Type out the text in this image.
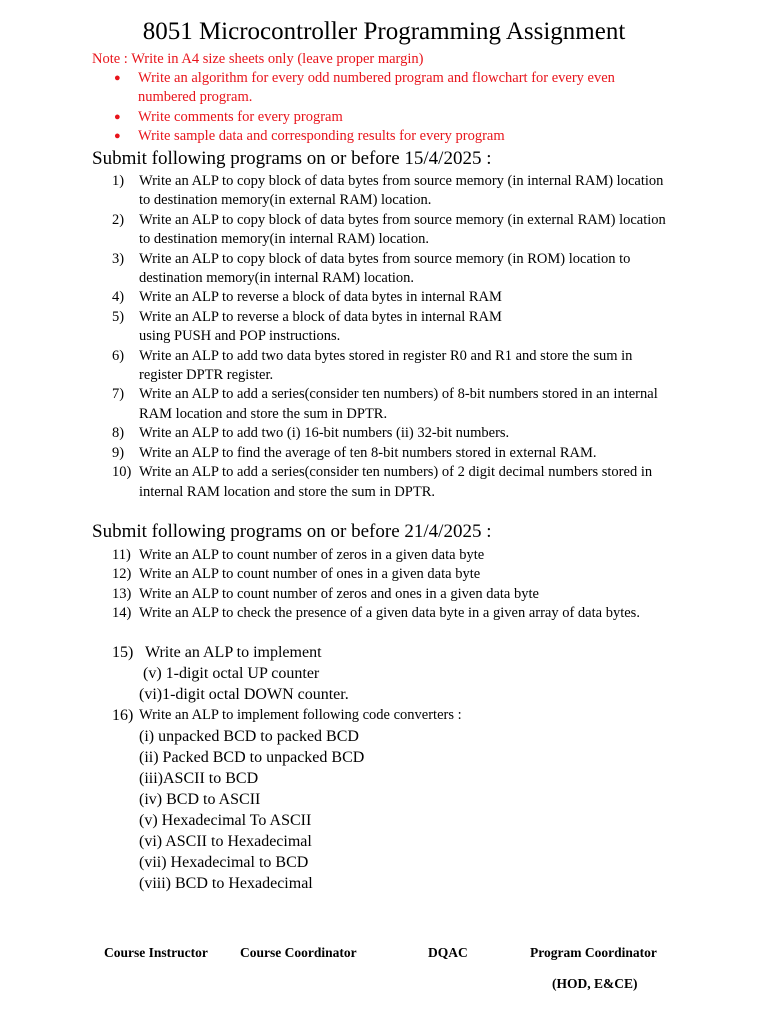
8051 Microcontroller Programming Assignment
Note : Write in A4 size sheets only (leave proper margin)
● Write an algorithm for every odd numbered program and flowchart for every even numbered program.
● Write comments for every program
● Write sample data and corresponding results for every program
Submit following programs on or before 15/4/2025 :
1) Write an ALP to copy block of data bytes from source memory (in internal RAM) location to destination memory(in external RAM) location.
2) Write an ALP to copy block of data bytes from source memory (in external RAM) location to destination memory(in internal RAM) location.
3) Write an ALP to copy block of data bytes from source memory (in ROM) location to destination memory(in internal RAM) location.
4) Write an ALP to reverse a block of data bytes in internal RAM
5) Write an ALP to reverse a block of data bytes in internal RAM
using PUSH and POP instructions.
6) Write an ALP to add two data bytes stored in register R0 and R1 and store the sum in register DPTR register.
7) Write an ALP to add a series(consider ten numbers) of 8-bit numbers stored in an internal RAM location and store the sum in DPTR.
8) Write an ALP to add two (i) 16-bit numbers (ii) 32-bit numbers.
9) Write an ALP to find the average of ten 8-bit numbers stored in external RAM.
10) Write an ALP to add a series(consider ten numbers) of 2 digit decimal numbers stored in internal RAM location and store the sum in DPTR.
Submit following programs on or before 21/4/2025 :
11) Write an ALP to count number of zeros in a given data byte
12) Write an ALP to count number of ones in a given data byte
13) Write an ALP to count number of zeros and ones in a given data byte
14) Write an ALP to check the presence of a given data byte in a given array of data bytes.
15) Write an ALP to implement
(v) 1-digit octal UP counter
(vi)1-digit octal DOWN counter.
16) Write an ALP to implement following code converters :
(i) unpacked BCD to packed BCD
(ii) Packed BCD to unpacked BCD
(iii)ASCII to BCD
(iv) BCD to ASCII
(v) Hexadecimal To ASCII
(vi) ASCII to Hexadecimal
(vii) Hexadecimal to BCD
(viii) BCD to Hexadecimal
Course Instructor Course Coordinator	DQAC	Program Coordinator
(HOD, E&CE)
